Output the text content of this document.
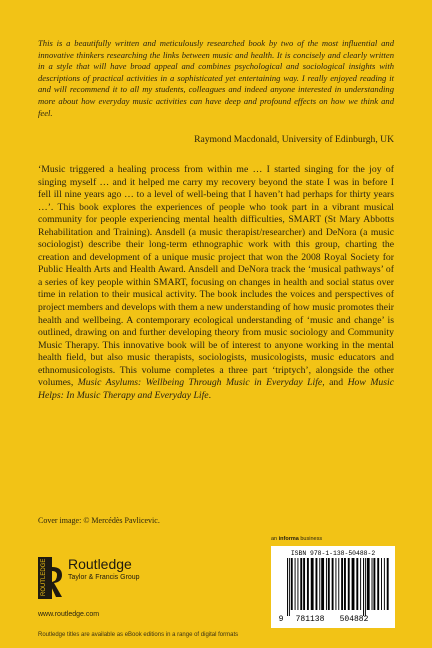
This is a beautifully written and meticulously researched book by two of the most influential and innovative thinkers researching the links between music and health. It is concisely and clearly written in a style that will have broad appeal and combines psychological and sociological insights with descriptions of practical activities in a sophisticated yet entertaining way. I really enjoyed reading it and will recommend it to all my students, colleagues and indeed anyone interested in understanding more about how everyday music activities can have deep and profound effects on how we think and feel.
Raymond Macdonald, University of Edinburgh, UK
‘Music triggered a healing process from within me … I started singing for the joy of singing myself … and it helped me carry my recovery beyond the state I was in before I fell ill nine years ago … to a level of well-being that I haven’t had perhaps for thirty years …’. This book explores the experiences of people who took part in a vibrant musical community for people experiencing mental health difficulties, SMART (St Mary Abbotts Rehabilitation and Training). Ansdell (a music therapist/researcher) and DeNora (a music sociologist) describe their long-term ethnographic work with this group, charting the creation and development of a unique music project that won the 2008 Royal Society for Public Health Arts and Health Award. Ansdell and DeNora track the ‘musical pathways’ of a series of key people within SMART, focusing on changes in health and social status over time in relation to their musical activity. The book includes the voices and perspectives of project members and develops with them a new understanding of how music promotes their health and wellbeing. A contemporary ecological understanding of ‘music and change’ is outlined, drawing on and further developing theory from music sociology and Community Music Therapy. This innovative book will be of interest to anyone working in the mental health field, but also music therapists, sociologists, musicologists, music educators and ethnomusicologists. This volume completes a three part ‘triptych’, alongside the other volumes, Music Asylums: Wellbeing Through Music in Everyday Life, and How Music Helps: In Music Therapy and Everyday Life.
Cover image: © Mercédès Pavlicevic.
an informa business
ISBN 978-1-138-50488-2
9 781138 504882
ROUTLEDGE Routledge
Taylor & Francis Group
www.routledge.com
Routledge titles are available as eBook editions in a range of digital formats
